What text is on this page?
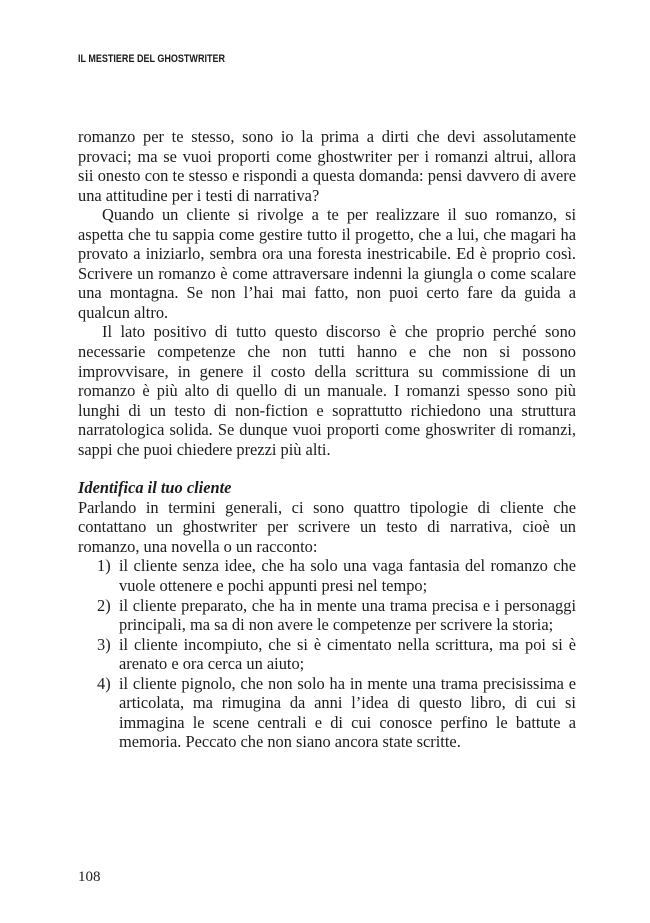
IL MESTIERE DEL GHOSTWRITER

romanzo per te stesso, sono io la prima a dirti che devi assolutamente provaci; ma se vuoi proporti come ghostwriter per i romanzi altrui, allora sii onesto con te stesso e rispondi a questa domanda: pensi davvero di avere una attitudine per i testi di narrativa?

Quando un cliente si rivolge a te per realizzare il suo romanzo, si aspetta che tu sappia come gestire tutto il progetto, che a lui, che magari ha provato a iniziarlo, sembra ora una foresta inestricabile. Ed è proprio così. Scrivere un romanzo è come attraversare indenni la giungla o come scalare una montagna. Se non l’hai mai fatto, non puoi certo fare da guida a qualcun altro.

Il lato positivo di tutto questo discorso è che proprio perché sono necessarie competenze che non tutti hanno e che non si possono improvvisare, in genere il costo della scrittura su commissione di un romanzo è più alto di quello di un manuale. I romanzi spesso sono più lunghi di un testo di non-fiction e soprattutto richiedono una struttura narratologica solida. Se dunque vuoi proporti come ghoswriter di romanzi, sappi che puoi chiedere prezzi più alti.

Identifica il tuo cliente

Parlando in termini generali, ci sono quattro tipologie di cliente che contattano un ghostwriter per scrivere un testo di narrativa, cioè un romanzo, una novella o un racconto:

1) il cliente senza idee, che ha solo una vaga fantasia del romanzo che vuole ottenere e pochi appunti presi nel tempo;
2) il cliente preparato, che ha in mente una trama precisa e i personaggi principali, ma sa di non avere le competenze per scrivere la storia;
3) il cliente incompiuto, che si è cimentato nella scrittura, ma poi si è arenato e ora cerca un aiuto;
4) il cliente pignolo, che non solo ha in mente una trama precisissima e articolata, ma rimugina da anni l’idea di questo libro, di cui si immagina le scene centrali e di cui conosce perfino le battute a memoria. Peccato che non siano ancora state scritte.
108
